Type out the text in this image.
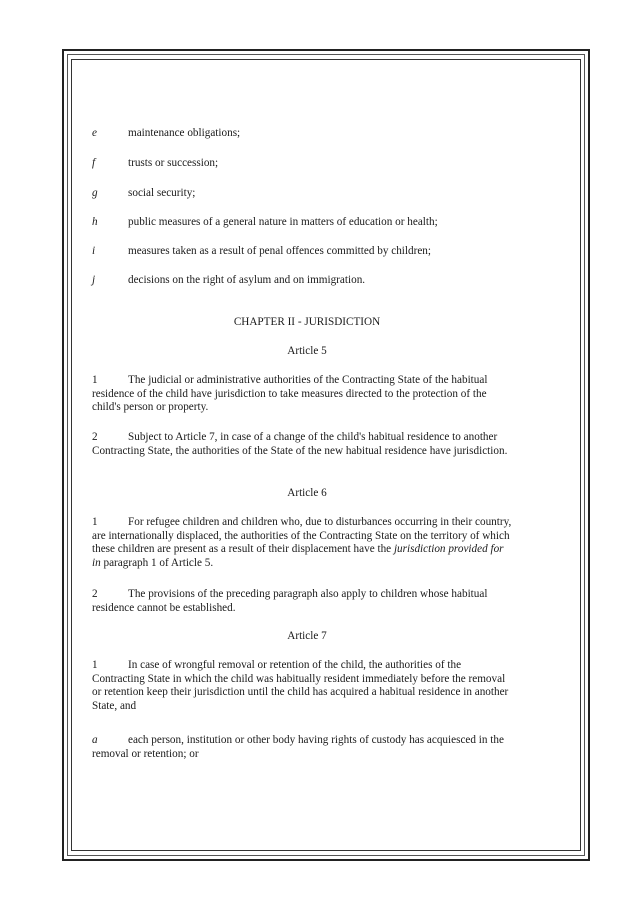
e	maintenance obligations;
f	trusts or succession;
g	social security;
h	public measures of a general nature in matters of education or health;
i	measures taken as a result of penal offences committed by children;
j	decisions on the right of asylum and on immigration.
CHAPTER II - JURISDICTION
Article 5
1	The judicial or administrative authorities of the Contracting State of the habitual residence of the child have jurisdiction to take measures directed to the protection of the child's person or property.
2	Subject to Article 7, in case of a change of the child's habitual residence to another Contracting State, the authorities of the State of the new habitual residence have jurisdiction.
Article 6
1	For refugee children and children who, due to disturbances occurring in their country, are internationally displaced, the authorities of the Contracting State on the territory of which these children are present as a result of their displacement have the jurisdiction provided for in paragraph 1 of Article 5.
2	The provisions of the preceding paragraph also apply to children whose habitual residence cannot be established.
Article 7
1	In case of wrongful removal or retention of the child, the authorities of the Contracting State in which the child was habitually resident immediately before the removal or retention keep their jurisdiction until the child has acquired a habitual residence in another State, and
a	each person, institution or other body having rights of custody has acquiesced in the removal or retention; or
